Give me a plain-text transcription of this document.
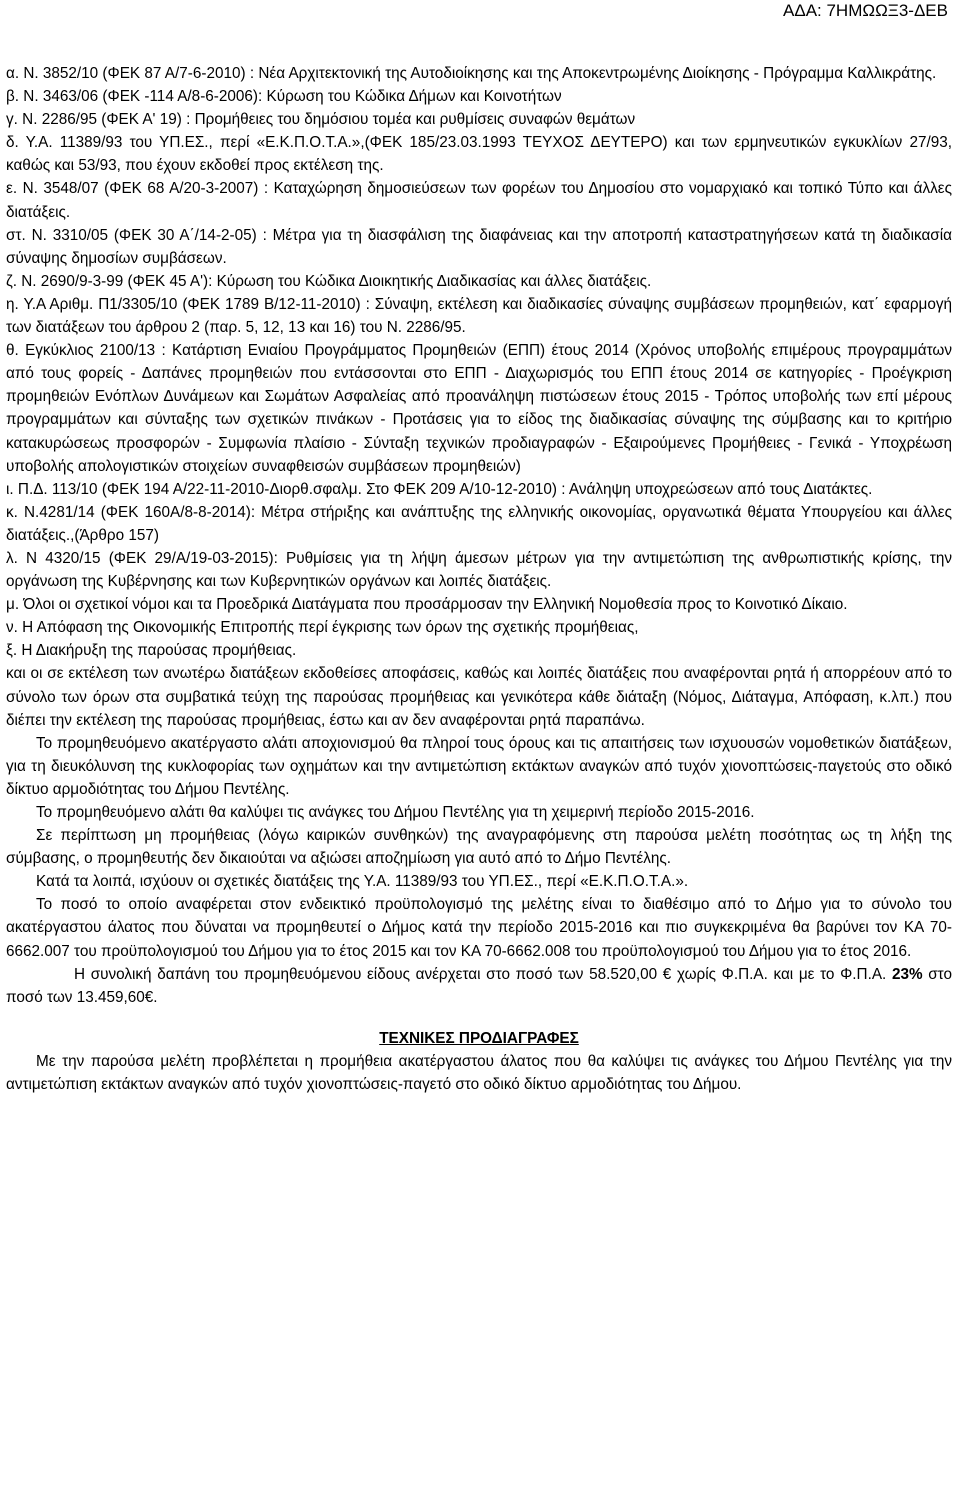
ΑΔΑ: 7ΗΜΩΩΞ3-ΔΕΒ

α. Ν. 3852/10 (ΦΕΚ 87 Α/7-6-2010) : Νέα Αρχιτεκτονική της Αυτοδιοίκησης και της Αποκεντρωμένης Διοίκησης - Πρόγραμμα Καλλικράτης.

β. Ν. 3463/06 (ΦΕΚ -114 Α/8-6-2006): Κύρωση του Κώδικα Δήμων και Κοινοτήτων

γ. Ν. 2286/95 (ΦΕΚ Α' 19) : Προμήθειες του δημόσιου τομέα και ρυθμίσεις συναφών θεμάτων

δ. Υ.Α. 11389/93 του ΥΠ.ΕΣ., περί «Ε.Κ.Π.Ο.Τ.Α.»,(ΦΕΚ 185/23.03.1993 ΤΕΥΧΟΣ ΔΕΥΤΕΡΟ) και των ερμηνευτικών εγκυκλίων 27/93, καθώς και 53/93, που έχουν εκδοθεί προς εκτέλεση της.

ε. Ν. 3548/07 (ΦΕΚ 68 Α/20-3-2007) : Καταχώρηση δημοσιεύσεων των φορέων του Δημοσίου στο νομαρχιακό και τοπικό Τύπο και άλλες διατάξεις.

στ. Ν. 3310/05 (ΦΕΚ 30 Α΄/14-2-05) : Μέτρα για τη διασφάλιση της διαφάνειας και την αποτροπή καταστρατηγήσεων κατά τη διαδικασία σύναψης δημοσίων συμβάσεων.

ζ. Ν. 2690/9-3-99 (ΦΕΚ 45 Α'): Κύρωση του Κώδικα Διοικητικής Διαδικασίας και άλλες διατάξεις.

η. Υ.Α Αριθμ. Π1/3305/10 (ΦΕΚ 1789 Β/12-11-2010) : Σύναψη, εκτέλεση και διαδικασίες σύναψης συμβάσεων προμηθειών, κατ΄ εφαρμογή των διατάξεων του άρθρου 2 (παρ. 5, 12, 13 και 16) του Ν. 2286/95.

θ. Εγκύκλιος 2100/13 : Κατάρτιση Ενιαίου Προγράμματος Προμηθειών (ΕΠΠ) έτους 2014 (Χρόνος υποβολής επιμέρους προγραμμάτων από τους φορείς - Δαπάνες προμηθειών που εντάσσονται στο ΕΠΠ - Διαχωρισμός του ΕΠΠ έτους 2014 σε κατηγορίες - Προέγκριση προμηθειών Ενόπλων Δυνάμεων και Σωμάτων Ασφαλείας από προανάληψη πιστώσεων έτους 2015 - Τρόπος υποβολής των επί μέρους προγραμμάτων και σύνταξης των σχετικών πινάκων - Προτάσεις για το είδος της διαδικασίας σύναψης της σύμβασης και το κριτήριο κατακυρώσεως προσφορών - Συμφωνία πλαίσιο - Σύνταξη τεχνικών προδιαγραφών - Εξαιρούμενες Προμήθειες - Γενικά - Υποχρέωση υποβολής απολογιστικών στοιχείων συναφθεισών συμβάσεων προμηθειών)

ι. Π.Δ. 113/10 (ΦΕΚ 194 Α/22-11-2010-Διορθ.σφαλμ. Στο ΦΕΚ 209 Α/10-12-2010) : Ανάληψη υποχρεώσεων από τους Διατάκτες.

κ. Ν.4281/14 (ΦΕΚ 160Α/8-8-2014): Μέτρα στήριξης και ανάπτυξης της ελληνικής οικονομίας, οργανωτικά θέματα Υπουργείου και άλλες διατάξεις.,(Άρθρο 157)

λ. Ν 4320/15 (ΦΕΚ 29/Α/19-03-2015): Ρυθμίσεις για τη λήψη άμεσων μέτρων για την αντιμετώπιση της ανθρωπιστικής κρίσης, την οργάνωση της Κυβέρνησης και των Κυβερνητικών οργάνων και λοιπές διατάξεις.

μ. Όλοι οι σχετικοί νόμοι και τα Προεδρικά Διατάγματα που προσάρμοσαν την Ελληνική Νομοθεσία προς το Κοινοτικό Δίκαιο.

ν. Η Απόφαση της Οικονομικής Επιτροπής περί έγκρισης των όρων της σχετικής προμήθειας,

ξ. Η Διακήρυξη της παρούσας προμήθειας.

και οι σε εκτέλεση των ανωτέρω διατάξεων εκδοθείσες αποφάσεις, καθώς και λοιπές διατάξεις που αναφέρονται ρητά ή απορρέουν από το σύνολο των όρων στα συμβατικά τεύχη της παρούσας προμήθειας και γενικότερα κάθε διάταξη (Νόμος, Διάταγμα, Απόφαση, κ.λπ.) που διέπει την εκτέλεση της παρούσας προμήθειας, έστω και αν δεν αναφέρονται ρητά παραπάνω.

Το προμηθευόμενο ακατέργαστο αλάτι αποχιονισμού θα πληροί τους όρους και τις απαιτήσεις των ισχυουσών νομοθετικών διατάξεων, για τη διευκόλυνση της κυκλοφορίας των οχημάτων και την αντιμετώπιση εκτάκτων αναγκών από τυχόν χιονοπτώσεις-παγετούς στο οδικό δίκτυο αρμοδιότητας του Δήμου Πεντέλης.

Το προμηθευόμενο αλάτι θα καλύψει τις ανάγκες του Δήμου Πεντέλης για τη χειμερινή περίοδο 2015-2016.

Σε περίπτωση μη προμήθειας (λόγω καιρικών συνθηκών) της αναγραφόμενης στη παρούσα μελέτη ποσότητας ως τη λήξη της σύμβασης, ο προμηθευτής δεν δικαιούται να αξιώσει αποζημίωση για αυτό από το Δήμο Πεντέλης.

Κατά τα λοιπά, ισχύουν οι σχετικές διατάξεις της Υ.Α. 11389/93 του ΥΠ.ΕΣ., περί «Ε.Κ.Π.Ο.Τ.Α.».

Το ποσό το οποίο αναφέρεται στον ενδεικτικό προϋπολογισμό της μελέτης είναι το διαθέσιμο από το Δήμο για το σύνολο του ακατέργαστου άλατος που δύναται να προμηθευτεί ο Δήμος κατά την περίοδο 2015-2016 και πιο συγκεκριμένα θα βαρύνει τον ΚΑ 70-6662.007 του προϋπολογισμού του Δήμου για το έτος 2015 και τον ΚΑ 70-6662.008 του προϋπολογισμού του Δήμου για το έτος 2016.

Η συνολική δαπάνη του προμηθευόμενου είδους ανέρχεται στο ποσό των 58.520,00 € χωρίς Φ.Π.Α. και με το Φ.Π.Α. 23% στο ποσό των 13.459,60€.

ΤΕΧΝΙΚΕΣ ΠΡΟΔΙΑΓΡΑΦΕΣ

Με την παρούσα μελέτη προβλέπεται η προμήθεια ακατέργαστου άλατος που θα καλύψει τις ανάγκες του Δήμου Πεντέλης για την αντιμετώπιση εκτάκτων αναγκών από τυχόν χιονοπτώσεις-παγετό στο οδικό δίκτυο αρμοδιότητας του Δήμου.
